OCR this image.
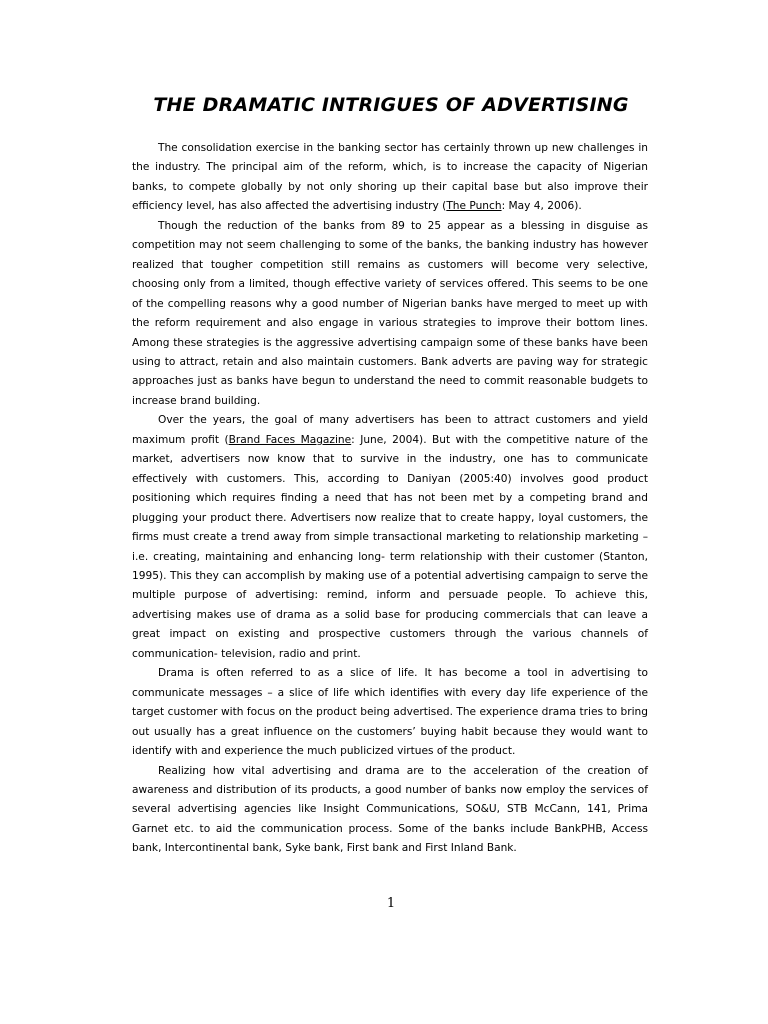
THE DRAMATIC INTRIGUES OF ADVERTISING

The consolidation exercise in the banking sector has certainly thrown up new challenges in the industry. The principal aim of the reform, which, is to increase the capacity of Nigerian banks, to compete globally by not only shoring up their capital base but also improve their efficiency level, has also affected the advertising industry (The Punch: May 4, 2006).

Though the reduction of the banks from 89 to 25 appear as a blessing in disguise as competition may not seem challenging to some of the banks, the banking industry has however realized that tougher competition still remains as customers will become very selective, choosing only from a limited, though effective variety of services offered. This seems to be one of the compelling reasons why a good number of Nigerian banks have merged to meet up with the reform requirement and also engage in various strategies to improve their bottom lines. Among these strategies is the aggressive advertising campaign some of these banks have been using to attract, retain and also maintain customers. Bank adverts are paving way for strategic approaches just as banks have begun to understand the need to commit reasonable budgets to increase brand building.

Over the years, the goal of many advertisers has been to attract customers and yield maximum profit (Brand Faces Magazine: June, 2004). But with the competitive nature of the market, advertisers now know that to survive in the industry, one has to communicate effectively with customers. This, according to Daniyan (2005:40) involves good product positioning which requires finding a need that has not been met by a competing brand and plugging your product there. Advertisers now realize that to create happy, loyal customers, the firms must create a trend away from simple transactional marketing to relationship marketing – i.e. creating, maintaining and enhancing long- term relationship with their customer (Stanton, 1995). This they can accomplish by making use of a potential advertising campaign to serve the multiple purpose of advertising: remind, inform and persuade people. To achieve this, advertising makes use of drama as a solid base for producing commercials that can leave a great impact on existing and prospective customers through the various channels of communication- television, radio and print.

Drama is often referred to as a slice of life. It has become a tool in advertising to communicate messages – a slice of life which identifies with every day life experience of the target customer with focus on the product being advertised. The experience drama tries to bring out usually has a great influence on the customers’ buying habit because they would want to identify with and experience the much publicized virtues of the product.

Realizing how vital advertising and drama are to the acceleration of the creation of awareness and distribution of its products, a good number of banks now employ the services of several advertising agencies like Insight Communications, SO&U, STB McCann, 141, Prima Garnet etc. to aid the communication process. Some of the banks include BankPHB, Access bank, Intercontinental bank, Syke bank, First bank and First Inland Bank.

1
